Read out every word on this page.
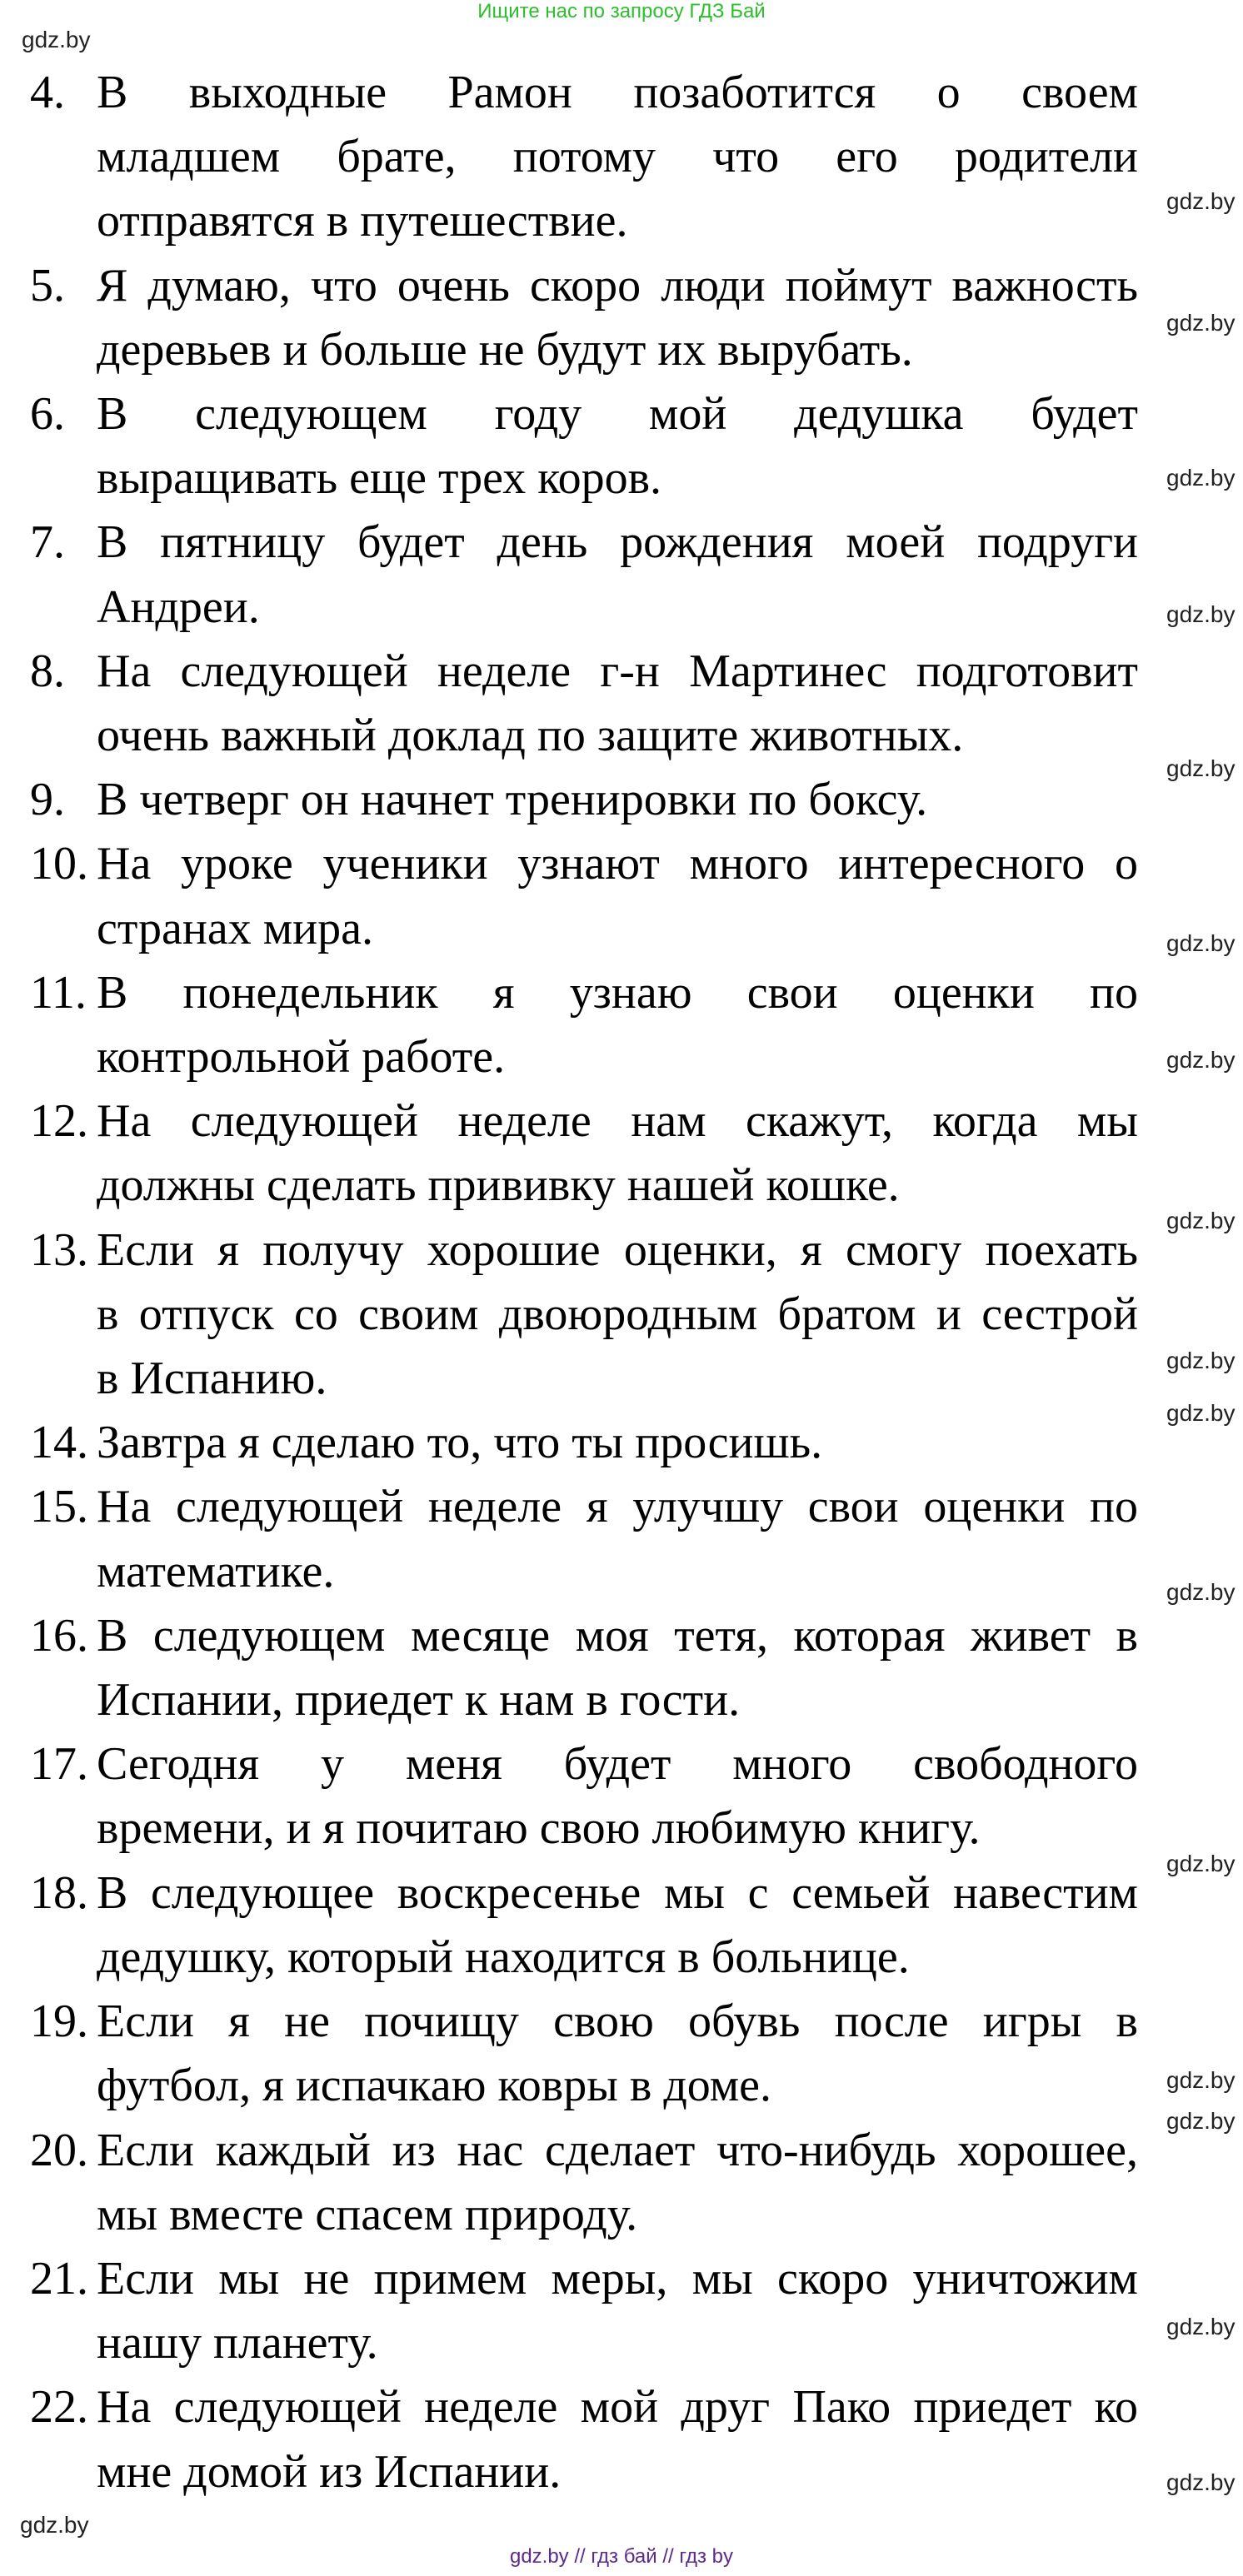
Ищите нас по запросу ГДЗ Бай
4. В выходные Рамон позаботится о своем
младшем брате, потому что его родители
отправятся в путешествие.
5. Я думаю, что очень скоро люди поймут важность
деревьев и больше не будут их вырубать.
6. В следующем году мой дедушка будет
выращивать еще трех коров.
7. В пятницу будет день рождения моей подруги
Андреи.
8. На следующей неделе г-н Мартинес подготовит
очень важный доклад по защите животных.
9. В четверг он начнет тренировки по боксу.
10. На уроке ученики узнают много интересного о
странах мира.
11. В понедельник я узнаю свои оценки по
контрольной работе.
12. На следующей неделе нам скажут, когда мы
должны сделать прививку нашей кошке.
13. Если я получу хорошие оценки, я смогу поехать
в отпуск со своим двоюродным братом и сестрой
в Испанию.
14. Завтра я сделаю то, что ты просишь.
15. На следующей неделе я улучшу свои оценки по
математике.
16. В следующем месяце моя тетя, которая живет в
Испании, приедет к нам в гости.
17. Сегодня у меня будет много свободного
времени, и я почитаю свою любимую книгу.
18. В следующее воскресенье мы с семьей навестим
дедушку, который находится в больнице.
19. Если я не почищу свою обувь после игры в
футбол, я испачкаю ковры в доме.
20. Если каждый из нас сделает что-нибудь хорошее,
мы вместе спасем природу.
21. Если мы не примем меры, мы скоро уничтожим
нашу планету.
22. На следующей неделе мой друг Пако приедет ко
мне домой из Испании.
gdz.by
gdz.by
gdz.by
gdz.by
gdz.by
gdz.by
gdz.by
gdz.by
gdz.by
gdz.by
gdz.by
gdz.by
gdz.by
gdz.by
gdz.by
gdz.by
gdz.by
gdz.by
gdz.by // гдз бай // гдз by
